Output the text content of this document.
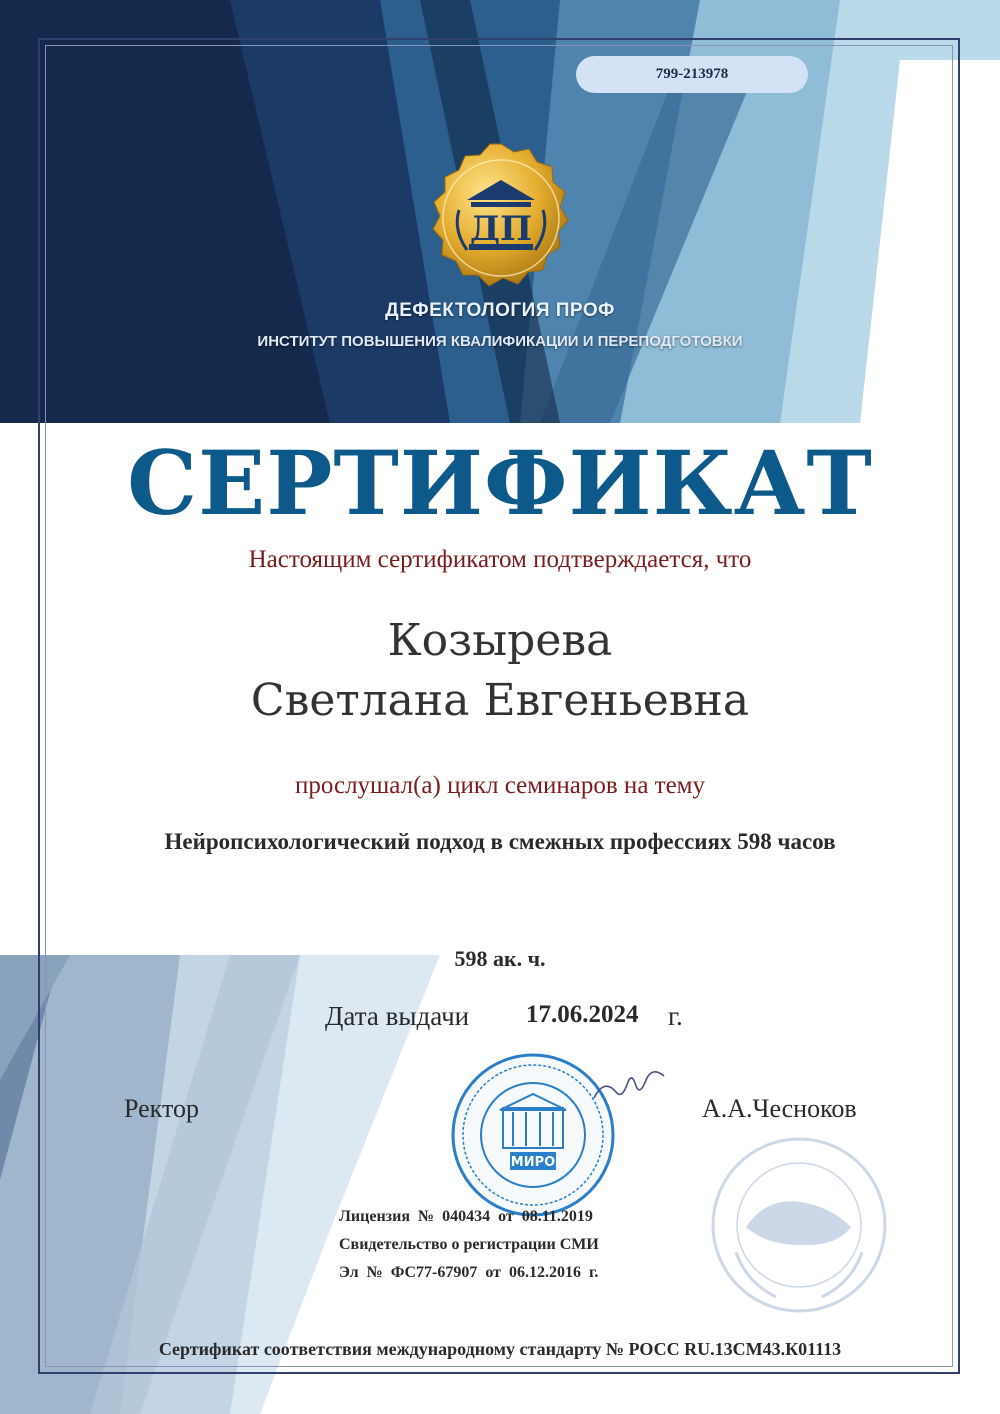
799-213978
ДП
ДЕФЕКТОЛОГИЯ ПРОФ
ИНСТИТУТ ПОВЫШЕНИЯ КВАЛИФИКАЦИИ И ПЕРЕПОДГОТОВКИ
СЕРТИФИКАТ
Настоящим сертификатом подтверждается, что
Козырева
Светлана Евгеньевна
прослушал(а) цикл семинаров на тему
Нейропсихологический подход в смежных профессиях 598 часов
598 ак. ч.
Дата выдачи 17.06.2024 г.
МИРО
Ректор	А.А.Чесноков
Лицензия  №  040434  от  08.11.2019
Свидетельство о регистрации СМИ
Эл  №  ФС77-67907  от  06.12.2016  г.
Сертификат соответствия международному стандарту № РОСС RU.13СМ43.К01113
